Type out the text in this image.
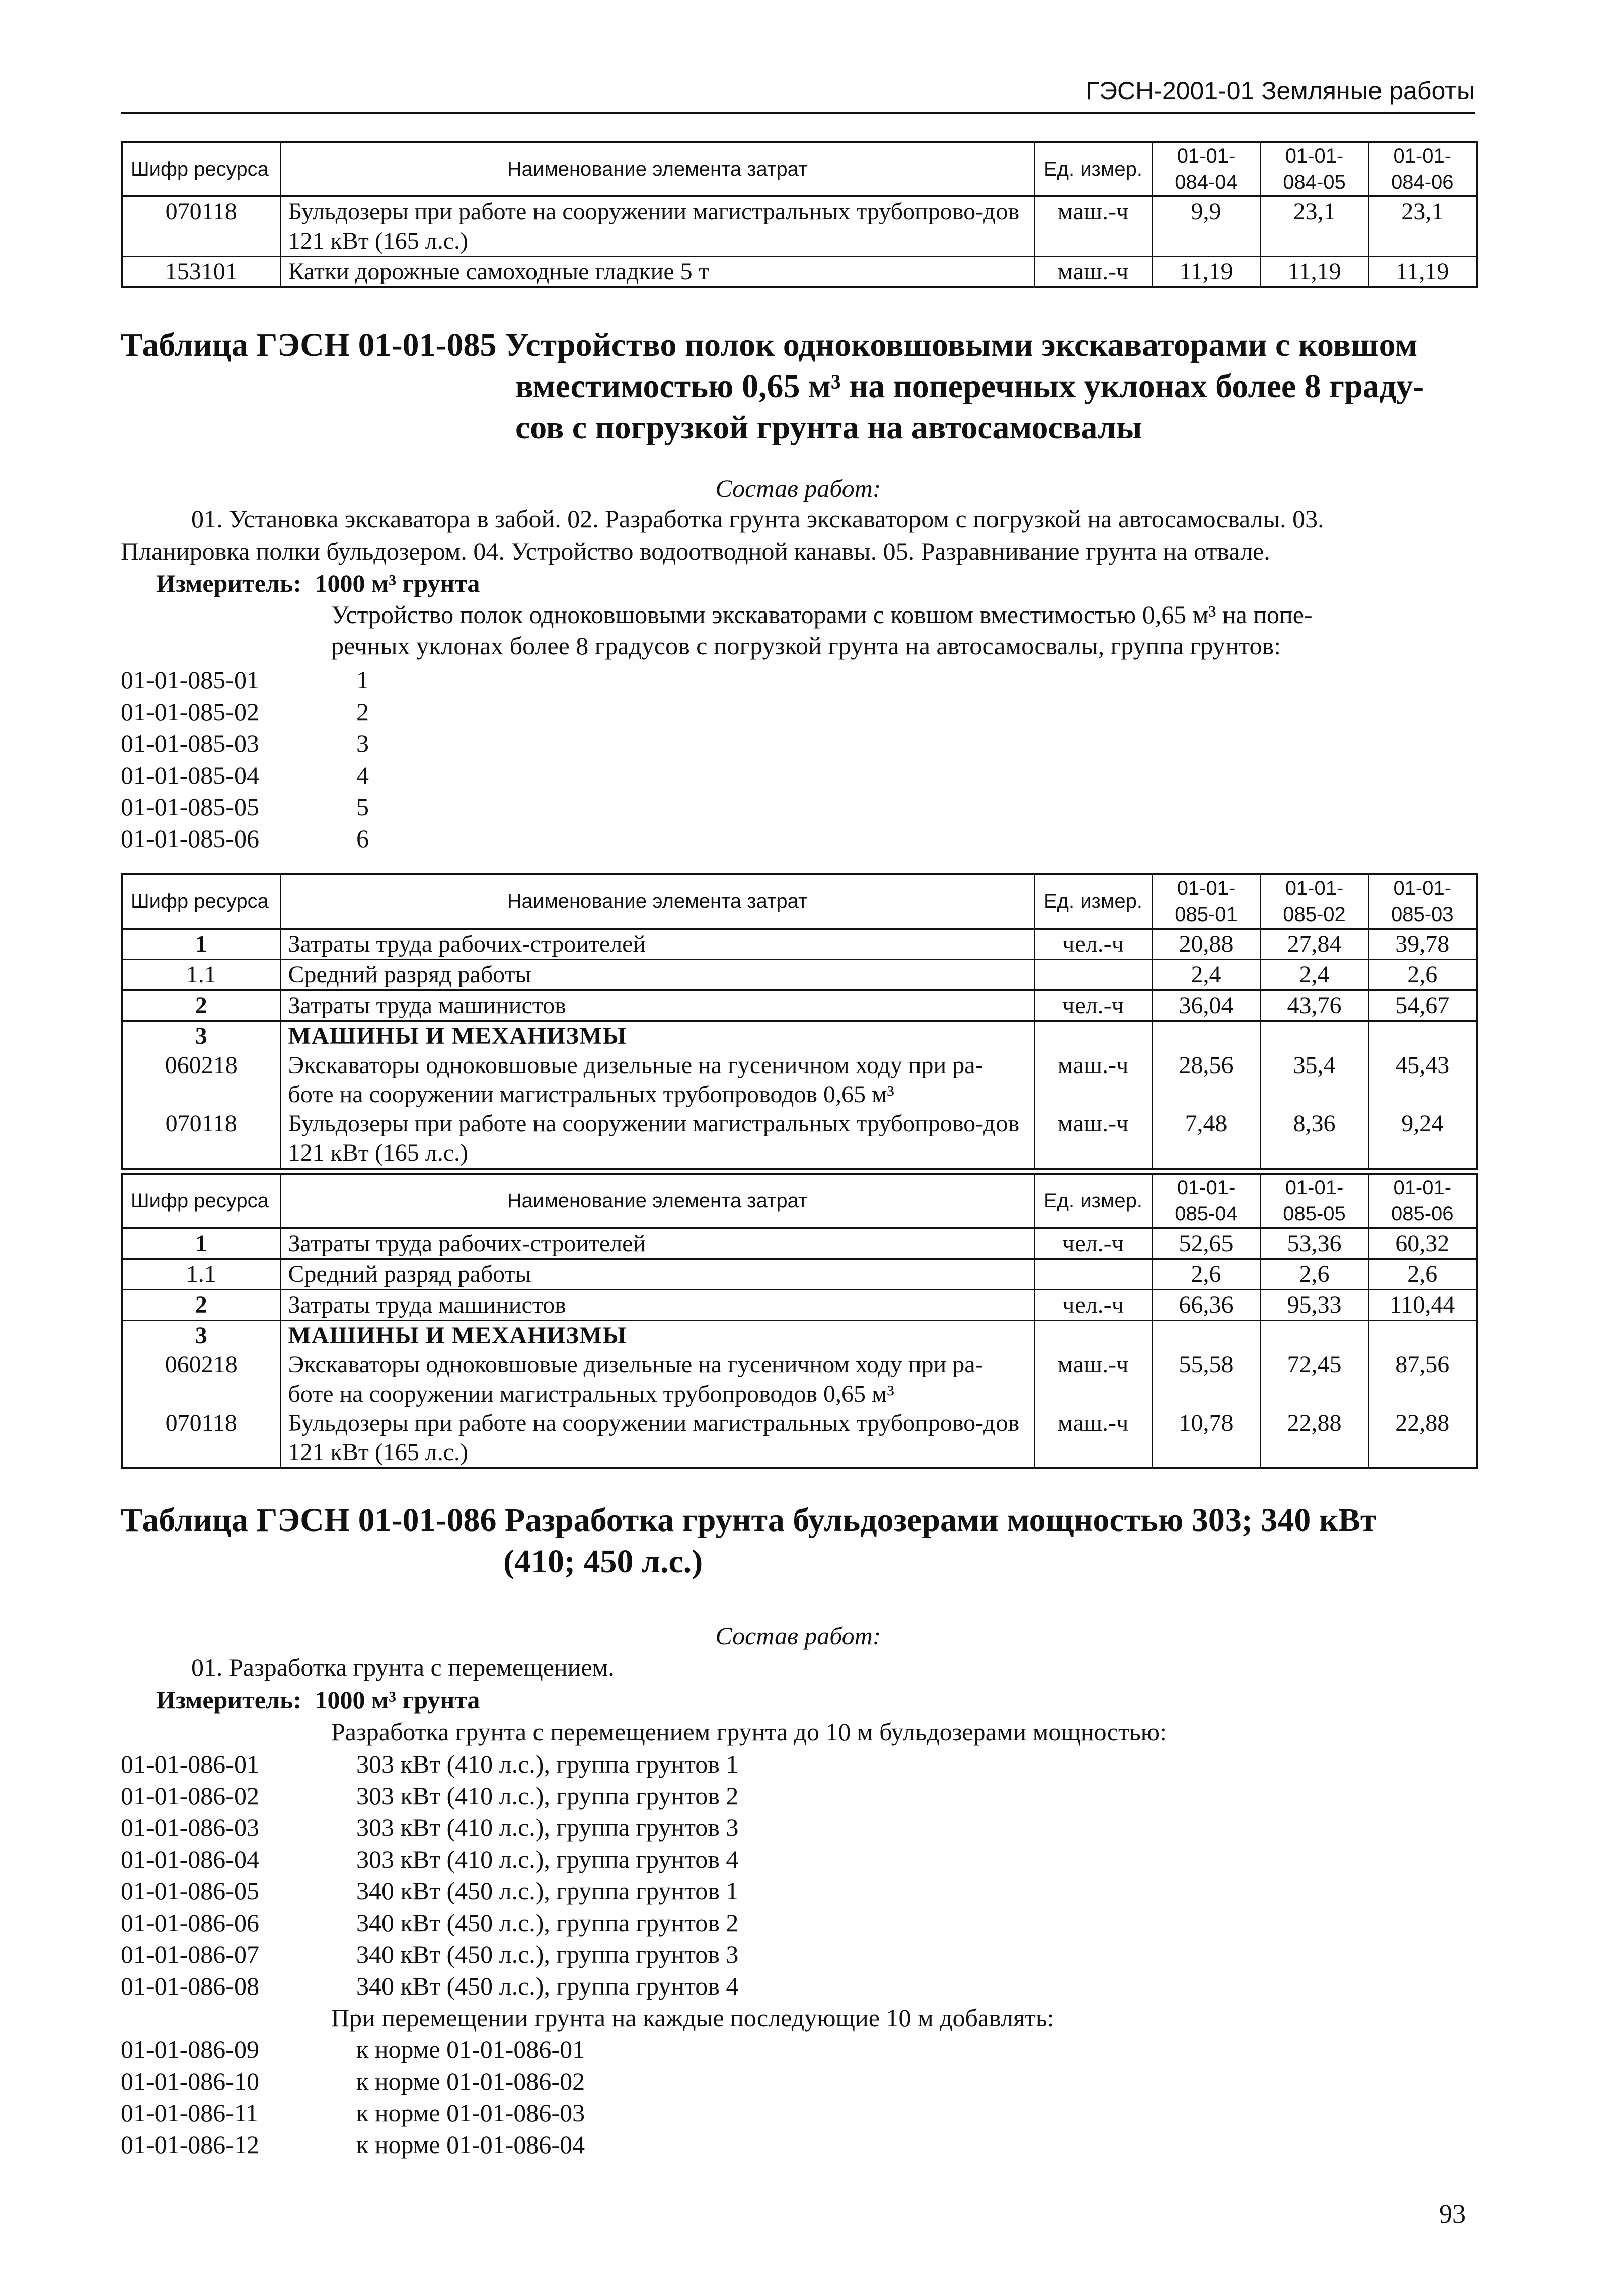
ГЭСН-2001-01 Земляные работы
Шифр ресурса	Наименование элемента затрат	Ед. измер.	01-01-084-04	01-01-084-05	01-01-084-06
070118	Бульдозеры при работе на сооружении магистральных трубопрово-дов 121 кВт (165 л.с.)	маш.-ч	9,9	23,1	23,1
153101	Катки дорожные самоходные гладкие 5 т	маш.-ч	11,19	11,19	11,19
Таблица ГЭСН 01-01-085 Устройство полок одноковшовыми экскаваторами с ковшом
вместимостью 0,65 м³ на поперечных уклонах более 8 граду-
сов с погрузкой грунта на автосамосвалы
Состав работ:
01. Установка экскаватора в забой. 02. Разработка грунта экскаватором с погрузкой на автосамосвалы. 03.
Планировка полки бульдозером. 04. Устройство водоотводной канавы. 05. Разравнивание грунта на отвале.
Измеритель: 1000 м³ грунта
Устройство полок одноковшовыми экскаваторами с ковшом вместимостью 0,65 м³ на попе-
речных уклонах более 8 градусов с погрузкой грунта на автосамосвалы, группа грунтов:
01-01-085-01	1
01-01-085-02	2
01-01-085-03	3
01-01-085-04	4
01-01-085-05	5
01-01-085-06	6
Шифр ресурса	Наименование элемента затрат	Ед. измер.	01-01-085-01	01-01-085-02	01-01-085-03
1	Затраты труда рабочих-строителей	чел.-ч	20,88	27,84	39,78
1.1	Средний разряд работы		2,4	2,4	2,6
2	Затраты труда машинистов	чел.-ч	36,04	43,76	54,67
3	МАШИНЫ И МЕХАНИЗМЫ				
060218	Экскаваторы одноковшовые дизельные на гусеничном ходу при ра-боте на сооружении магистральных трубопроводов 0,65 м³	маш.-ч	28,56	35,4	45,43
070118	Бульдозеры при работе на сооружении магистральных трубопрово-дов 121 кВт (165 л.с.)	маш.-ч	7,48	8,36	9,24
Шифр ресурса	Наименование элемента затрат	Ед. измер.	01-01-085-04	01-01-085-05	01-01-085-06
1	Затраты труда рабочих-строителей	чел.-ч	52,65	53,36	60,32
1.1	Средний разряд работы		2,6	2,6	2,6
2	Затраты труда машинистов	чел.-ч	66,36	95,33	110,44
3	МАШИНЫ И МЕХАНИЗМЫ				
060218	Экскаваторы одноковшовые дизельные на гусеничном ходу при ра-боте на сооружении магистральных трубопроводов 0,65 м³	маш.-ч	55,58	72,45	87,56
070118	Бульдозеры при работе на сооружении магистральных трубопрово-дов 121 кВт (165 л.с.)	маш.-ч	10,78	22,88	22,88
Таблица ГЭСН 01-01-086 Разработка грунта бульдозерами мощностью 303; 340 кВт
(410; 450 л.с.)
Состав работ:
01. Разработка грунта с перемещением.
Измеритель: 1000 м³ грунта
Разработка грунта с перемещением грунта до 10 м бульдозерами мощностью:
01-01-086-01	303 кВт (410 л.с.), группа грунтов 1
01-01-086-02	303 кВт (410 л.с.), группа грунтов 2
01-01-086-03	303 кВт (410 л.с.), группа грунтов 3
01-01-086-04	303 кВт (410 л.с.), группа грунтов 4
01-01-086-05	340 кВт (450 л.с.), группа грунтов 1
01-01-086-06	340 кВт (450 л.с.), группа грунтов 2
01-01-086-07	340 кВт (450 л.с.), группа грунтов 3
01-01-086-08	340 кВт (450 л.с.), группа грунтов 4
При перемещении грунта на каждые последующие 10 м добавлять:
01-01-086-09	к норме 01-01-086-01
01-01-086-10	к норме 01-01-086-02
01-01-086-11	к норме 01-01-086-03
01-01-086-12	к норме 01-01-086-04
93
